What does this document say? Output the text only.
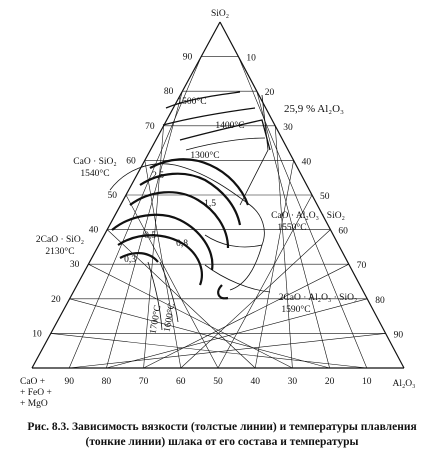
10
20
30
40
50
60
70
80
90	10
20
30
40
50
60
70
80
90
90	80	70	60	50	40	30	20	10
SiO₂
Al₂O₃
CaO +
+ FeO +
+ MgO
CaO · SiO₂
1540°C
2CaO · SiO₂
2130°C
CaO · Al₂O₃ · SiO₂
1550°C
2CaO · Al₂O₃ · SiO₂
1590°C
25,9 % Al₂O₃
1500°C
1400°C
1300°C
1600°C
1700°C
0,5
0,8
2,5
1,5
0,3
Рис. 8.3. Зависимость вязкости (толстые линии) и температуры плавления (тонкие линии) шлака от его состава и температуры
